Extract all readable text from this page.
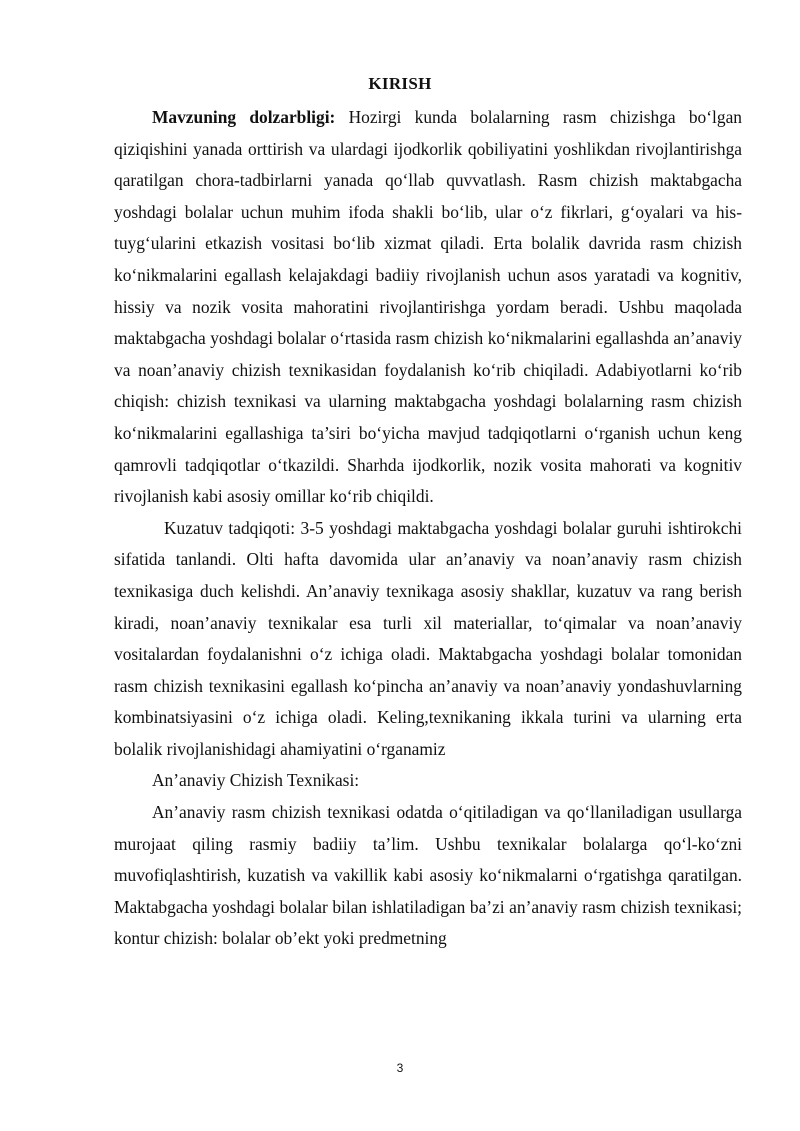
KIRISH

Mavzuning dolzarbligi: Hozirgi kunda bolalarning rasm chizishga bo‘lgan qiziqishini yanada orttirish va ulardagi ijodkorlik qobiliyatini yoshlikdan rivojlantirishga qaratilgan chora-tadbirlarni yanada qo‘llab quvvatlash. Rasm chizish maktabgacha yoshdagi bolalar uchun muhim ifoda shakli bo‘lib, ular o‘z fikrlari, g‘oyalari va his-tuyg‘ularini etkazish vositasi bo‘lib xizmat qiladi. Erta bolalik davrida rasm chizish ko‘nikmalarini egallash kelajakdagi badiiy rivojlanish uchun asos yaratadi va kognitiv, hissiy va nozik vosita mahoratini rivojlantirishga yordam beradi. Ushbu maqolada maktabgacha yoshdagi bolalar o‘rtasida rasm chizish ko‘nikmalarini egallashda an’anaviy va noan’anaviy chizish texnikasidan foydalanish ko‘rib chiqiladi. Adabiyotlarni ko‘rib chiqish: chizish texnikasi va ularning maktabgacha yoshdagi bolalarning rasm chizish ko‘nikmalarini egallashiga ta’siri bo‘yicha mavjud tadqiqotlarni o‘rganish uchun keng qamrovli tadqiqotlar o‘tkazildi. Sharhda ijodkorlik, nozik vosita mahorati va kognitiv rivojlanish kabi asosiy omillar ko‘rib chiqildi.

Kuzatuv tadqiqoti: 3-5 yoshdagi maktabgacha yoshdagi bolalar guruhi ishtirokchi sifatida tanlandi. Olti hafta davomida ular an’anaviy va noan’anaviy rasm chizish texnikasiga duch kelishdi. An’anaviy texnikaga asosiy shakllar, kuzatuv va rang berish kiradi, noan’anaviy texnikalar esa turli xil materiallar, to‘qimalar va noan’anaviy vositalardan foydalanishni o‘z ichiga oladi. Maktabgacha yoshdagi bolalar tomonidan rasm chizish texnikasini egallash ko‘pincha an’anaviy va noan’anaviy yondashuvlarning kombinatsiyasini o‘z ichiga oladi. Keling,texnikaning ikkala turini va ularning erta bolalik rivojlanishidagi ahamiyatini o‘rganamiz

An’anaviy Chizish Texnikasi:

An’anaviy rasm chizish texnikasi odatda o‘qitiladigan va qo‘llaniladigan usullarga murojaat qiling rasmiy badiiy ta’lim. Ushbu texnikalar bolalarga qo‘l-ko‘zni muvofiqlashtirish, kuzatish va vakillik kabi asosiy ko‘nikmalarni o‘rgatishga qaratilgan. Maktabgacha yoshdagi bolalar bilan ishlatiladigan ba’zi an’anaviy rasm chizish texnikasi; kontur chizish: bolalar ob’ekt yoki predmetning

3
